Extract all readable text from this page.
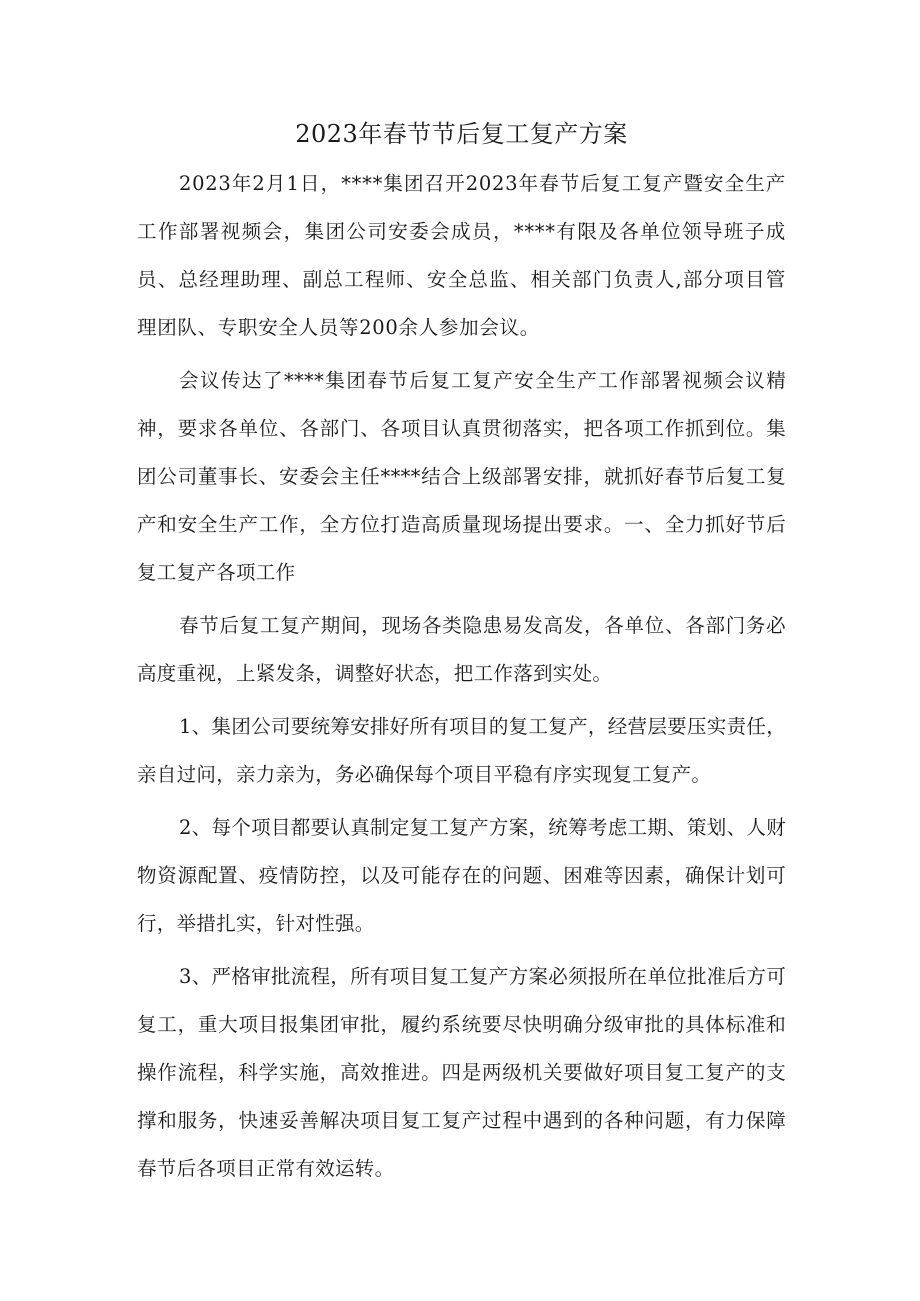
2023年春节节后复工复产方案

2023年2月1日，****集团召开2023年春节后复工复产暨安全生产工作部署视频会，集团公司安委会成员，****有限及各单位领导班子成员、总经理助理、副总工程师、安全总监、相关部门负责人,部分项目管理团队、专职安全人员等200余人参加会议。

会议传达了****集团春节后复工复产安全生产工作部署视频会议精神，要求各单位、各部门、各项目认真贯彻落实，把各项工作抓到位。集团公司董事长、安委会主任****结合上级部署安排，就抓好春节后复工复产和安全生产工作，全方位打造高质量现场提出要求。一、全力抓好节后复工复产各项工作

春节后复工复产期间，现场各类隐患易发高发，各单位、各部门务必高度重视，上紧发条，调整好状态，把工作落到实处。

1、集团公司要统筹安排好所有项目的复工复产，经营层要压实责任，亲自过问，亲力亲为，务必确保每个项目平稳有序实现复工复产。

2、每个项目都要认真制定复工复产方案，统筹考虑工期、策划、人财物资源配置、疫情防控，以及可能存在的问题、困难等因素，确保计划可行，举措扎实，针对性强。

3、严格审批流程，所有项目复工复产方案必须报所在单位批准后方可复工，重大项目报集团审批，履约系统要尽快明确分级审批的具体标准和操作流程，科学实施，高效推进。四是两级机关要做好项目复工复产的支撑和服务，快速妥善解决项目复工复产过程中遇到的各种问题，有力保障春节后各项目正常有效运转。
